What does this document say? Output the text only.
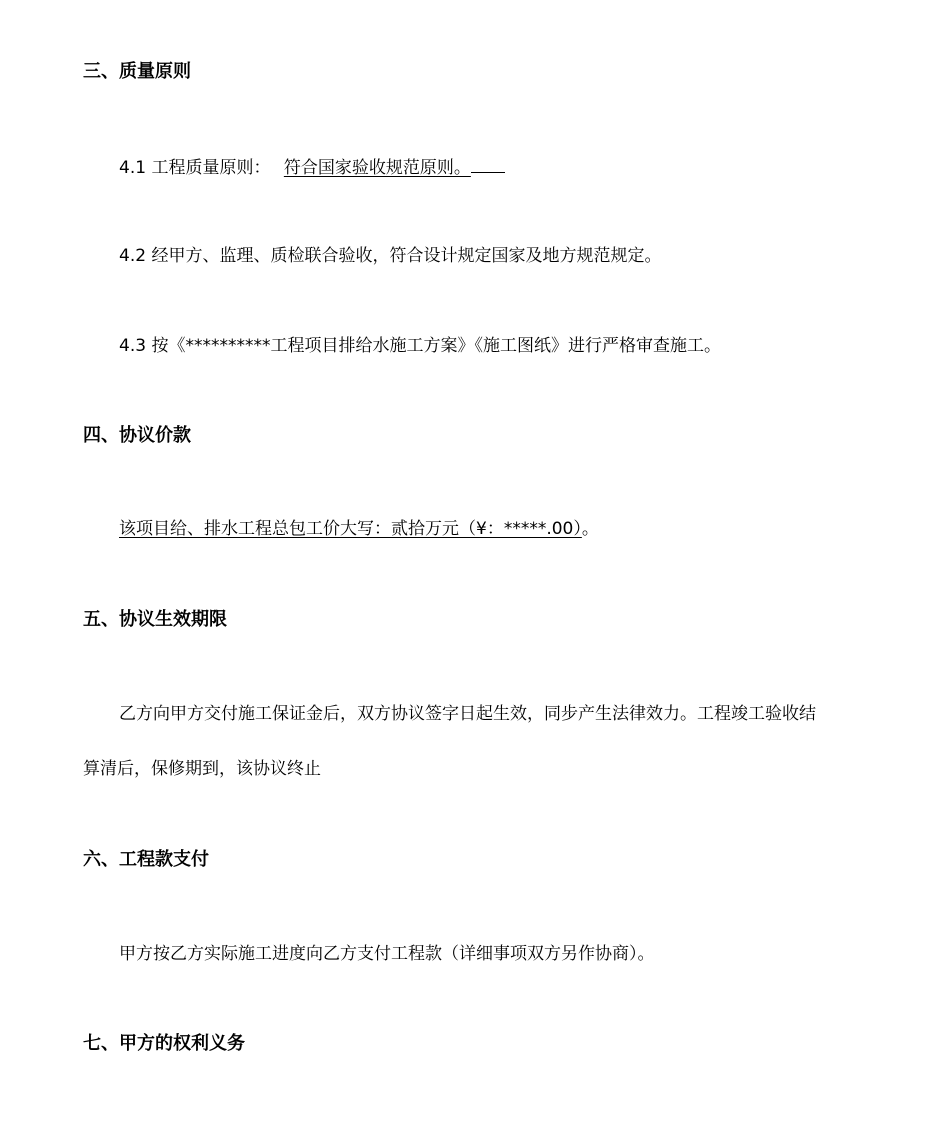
三、质量原则
4.1 工程质量原则： 符合国家验收规范原则。
4.2 经甲方、监理、质检联合验收，符合设计规定国家及地方规范规定。
4.3 按《**********工程项目排给水施工方案》《施工图纸》进行严格审查施工。
四、协议价款
该项目给、排水工程总包工价大写：贰拾万元（¥：*****.00）。
五、协议生效期限
乙方向甲方交付施工保证金后，双方协议签字日起生效，同步产生法律效力。工程竣工验收结
算清后，保修期到，该协议终止
六、工程款支付
甲方按乙方实际施工进度向乙方支付工程款（详细事项双方另作协商）。
七、甲方的权利义务
